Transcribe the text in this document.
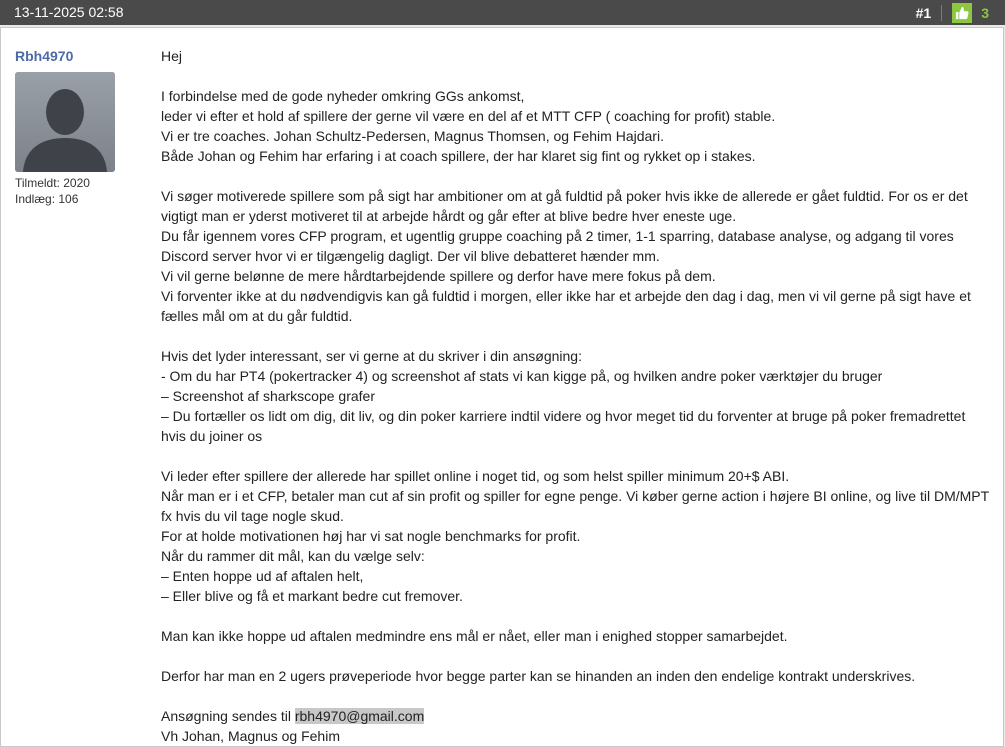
13-11-2025 02:58	#1	3
Rbh4970
Tilmeldt: 2020
Indlæg: 106
Hej
I forbindelse med de gode nyheder omkring GGs ankomst,
leder vi efter et hold af spillere der gerne vil være en del af et MTT CFP ( coaching for profit) stable.
Vi er tre coaches. Johan Schultz-Pedersen, Magnus Thomsen, og Fehim Hajdari.
Både Johan og Fehim har erfaring i at coach spillere, der har klaret sig fint og rykket op i stakes.
Vi søger motiverede spillere som på sigt har ambitioner om at gå fuldtid på poker hvis ikke de allerede er gået fuldtid. For os er det
vigtigt man er yderst motiveret til at arbejde hårdt og går efter at blive bedre hver eneste uge.
Du får igennem vores CFP program, et ugentlig gruppe coaching på 2 timer, 1-1 sparring, database analyse, og adgang til vores
Discord server hvor vi er tilgængelig dagligt. Der vil blive debatteret hænder mm.
Vi vil gerne belønne de mere hårdtarbejdende spillere og derfor have mere fokus på dem.
Vi forventer ikke at du nødvendigvis kan gå fuldtid i morgen, eller ikke har et arbejde den dag i dag, men vi vil gerne på sigt have et
fælles mål om at du går fuldtid.
Hvis det lyder interessant, ser vi gerne at du skriver i din ansøgning:
- Om du har PT4 (pokertracker 4) og screenshot af stats vi kan kigge på, og hvilken andre poker værktøjer du bruger
– Screenshot af sharkscope grafer
– Du fortæller os lidt om dig, dit liv, og din poker karriere indtil videre og hvor meget tid du forventer at bruge på poker fremadrettet
hvis du joiner os
Vi leder efter spillere der allerede har spillet online i noget tid, og som helst spiller minimum 20+$ ABI.
Når man er i et CFP, betaler man cut af sin profit og spiller for egne penge. Vi køber gerne action i højere BI online, og live til DM/MPT
fx hvis du vil tage nogle skud.
For at holde motivationen høj har vi sat nogle benchmarks for profit.
Når du rammer dit mål, kan du vælge selv:
– Enten hoppe ud af aftalen helt,
– Eller blive og få et markant bedre cut fremover.
Man kan ikke hoppe ud aftalen medmindre ens mål er nået, eller man i enighed stopper samarbejdet.
Derfor har man en 2 ugers prøveperiode hvor begge parter kan se hinanden an inden den endelige kontrakt underskrives.
Ansøgning sendes til rbh4970@gmail.com
Vh Johan, Magnus og Fehim
